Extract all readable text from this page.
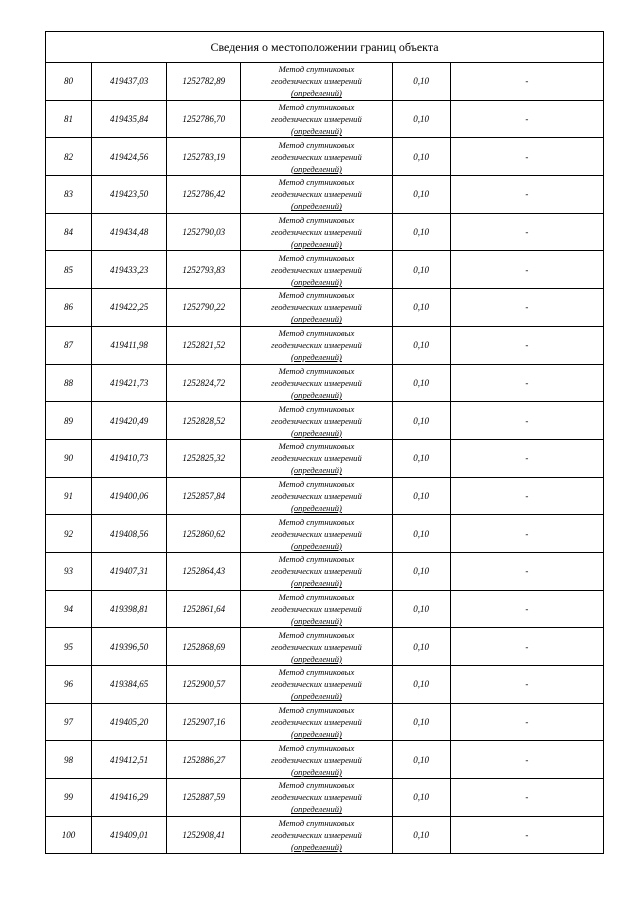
Сведения о местоположении границ объекта					
80	419437,03	1252782,89	Метод спутниковых
геодезических измерений
(определений)	0,10	-
81	419435,84	1252786,70	Метод спутниковых
геодезических измерений
(определений)	0,10	-
82	419424,56	1252783,19	Метод спутниковых
геодезических измерений
(определений)	0,10	-
83	419423,50	1252786,42	Метод спутниковых
геодезических измерений
(определений)	0,10	-
84	419434,48	1252790,03	Метод спутниковых
геодезических измерений
(определений)	0,10	-
85	419433,23	1252793,83	Метод спутниковых
геодезических измерений
(определений)	0,10	-
86	419422,25	1252790,22	Метод спутниковых
геодезических измерений
(определений)	0,10	-
87	419411,98	1252821,52	Метод спутниковых
геодезических измерений
(определений)	0,10	-
88	419421,73	1252824,72	Метод спутниковых
геодезических измерений
(определений)	0,10	-
89	419420,49	1252828,52	Метод спутниковых
геодезических измерений
(определений)	0,10	-
90	419410,73	1252825,32	Метод спутниковых
геодезических измерений
(определений)	0,10	-
91	419400,06	1252857,84	Метод спутниковых
геодезических измерений
(определений)	0,10	-
92	419408,56	1252860,62	Метод спутниковых
геодезических измерений
(определений)	0,10	-
93	419407,31	1252864,43	Метод спутниковых
геодезических измерений
(определений)	0,10	-
94	419398,81	1252861,64	Метод спутниковых
геодезических измерений
(определений)	0,10	-
95	419396,50	1252868,69	Метод спутниковых
геодезических измерений
(определений)	0,10	-
96	419384,65	1252900,57	Метод спутниковых
геодезических измерений
(определений)	0,10	-
97	419405,20	1252907,16	Метод спутниковых
геодезических измерений
(определений)	0,10	-
98	419412,51	1252886,27	Метод спутниковых
геодезических измерений
(определений)	0,10	-
99	419416,29	1252887,59	Метод спутниковых
геодезических измерений
(определений)	0,10	-
100	419409,01	1252908,41	Метод спутниковых
геодезических измерений
(определений)	0,10	-
